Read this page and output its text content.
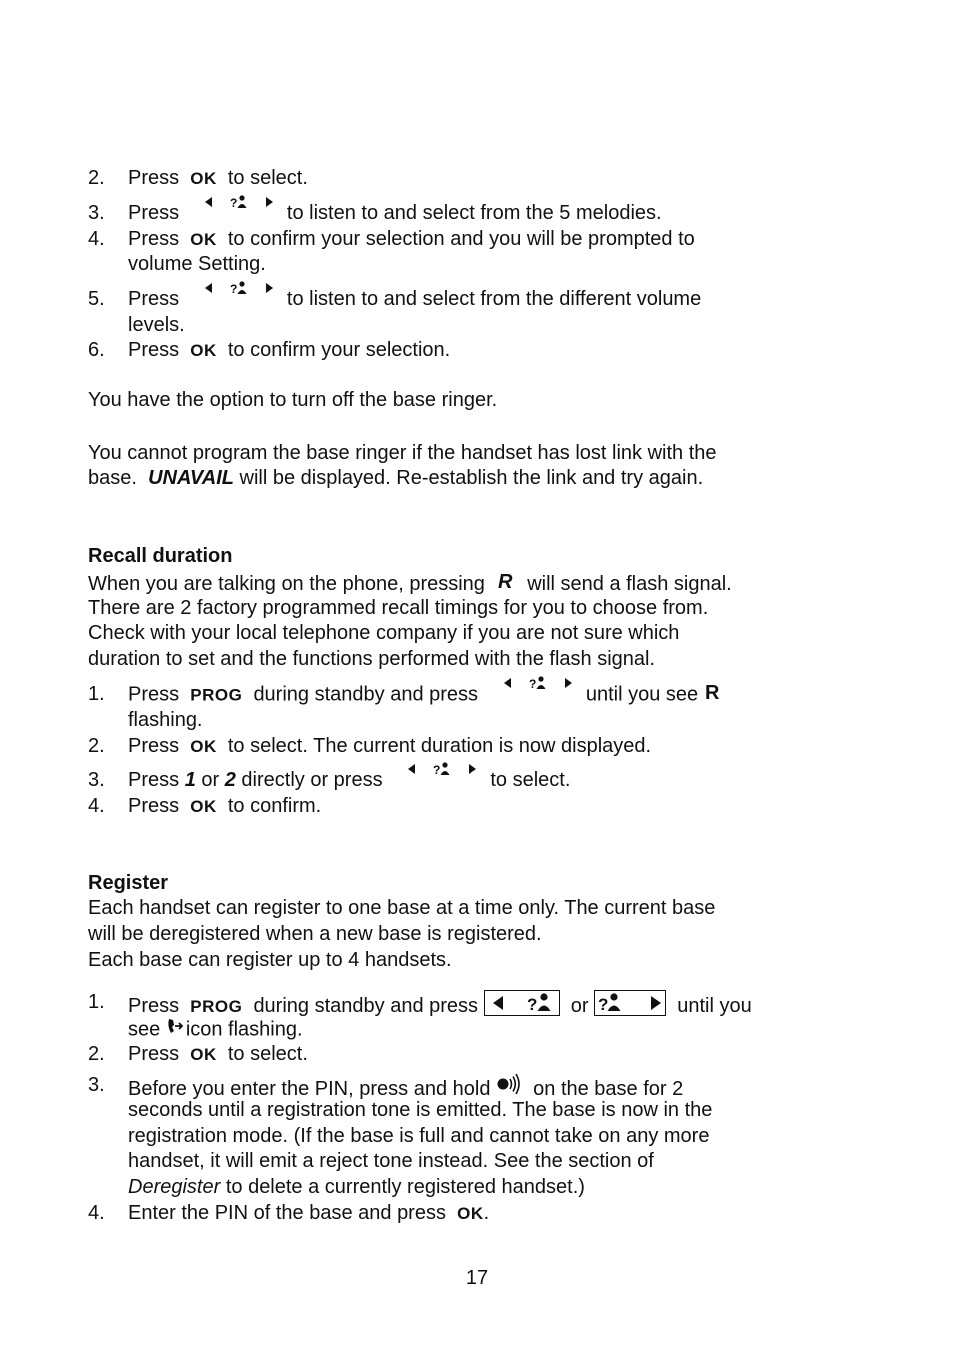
2. Press OK to select.
3. Press	? to listen to and select from the 5 melodies.
4. Press OK to confirm your selection and you will be prompted to
volume Setting.
5. Press	? to listen to and select from the different volume
levels.
6. Press OK to confirm your selection.
You have the option to turn off the base ringer.
You cannot program the base ringer if the handset has lost link with the
base. UNAVAIL will be displayed. Re-establish the link and try again.
Recall duration
When you are talking on the phone, pressing R will send a flash signal.
There are 2 factory programmed recall timings for you to choose from.
Check with your local telephone company if you are not sure which
duration to set and the functions performed with the flash signal.
1. Press PROG during standby and press	? until you see R
flashing.
2. Press OK to select. The current duration is now displayed.
3. Press 1 or 2 directly or press	? to select.
4. Press OK to confirm.
Register
Each handset can register to one base at a time only. The current base
will be deregistered when a new base is registered.
Each base can register up to 4 handsets.
1. Press PROG during standby and press	? or ?	until you
see icon flashing.
2. Press OK to select.
3. Before you enter the PIN, press and hold on the base for 2
seconds until a registration tone is emitted. The base is now in the
registration mode. (If the base is full and cannot take on any more
handset, it will emit a reject tone instead. See the section of
Deregister to delete a currently registered handset.)
4. Enter the PIN of the base and press OK.
17
